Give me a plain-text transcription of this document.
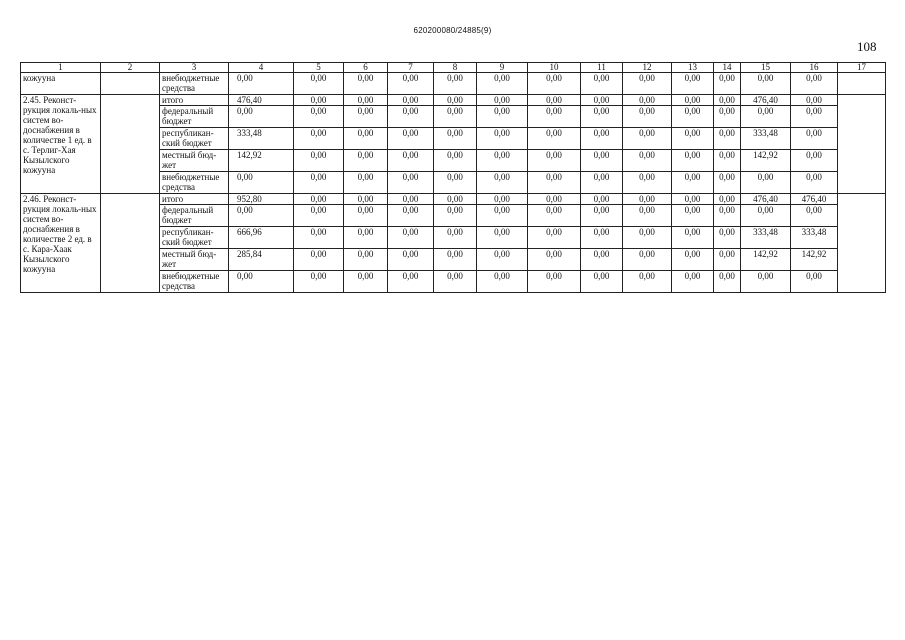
620200080/24885(9)
108
1	2	3	4	5	6	7	8	9	10	11	12	13	14	15	16	17
кожууна		внебюджетные средства	0,00	0,00	0,00	0,00	0,00	0,00	0,00	0,00	0,00	0,00	0,00	0,00	0,00	
2.45. Реконст-рукция локаль-ных систем во-доснабжения в количестве 1 ед. в с. Терлиг-Хая Кызылского кожууна		итого	476,40	0,00	0,00	0,00	0,00	0,00	0,00	0,00	0,00	0,00	0,00	476,40	0,00	
		федеральный бюджет	0,00	0,00	0,00	0,00	0,00	0,00	0,00	0,00	0,00	0,00	0,00	0,00	0,00	
		республикан-ский бюджет	333,48	0,00	0,00	0,00	0,00	0,00	0,00	0,00	0,00	0,00	0,00	333,48	0,00	
		местный бюд-жет	142,92	0,00	0,00	0,00	0,00	0,00	0,00	0,00	0,00	0,00	0,00	142,92	0,00	
		внебюджетные средства	0,00	0,00	0,00	0,00	0,00	0,00	0,00	0,00	0,00	0,00	0,00	0,00	0,00	
2.46. Реконст-рукция локаль-ных систем во-доснабжения в количестве 2 ед. в с. Кара-Хаак Кызылского кожууна		итого	952,80	0,00	0,00	0,00	0,00	0,00	0,00	0,00	0,00	0,00	0,00	476,40	476,40	
		федеральный бюджет	0,00	0,00	0,00	0,00	0,00	0,00	0,00	0,00	0,00	0,00	0,00	0,00	0,00	
		республикан-ский бюджет	666,96	0,00	0,00	0,00	0,00	0,00	0,00	0,00	0,00	0,00	0,00	333,48	333,48	
		местный бюд-жет	285,84	0,00	0,00	0,00	0,00	0,00	0,00	0,00	0,00	0,00	0,00	142,92	142,92	
		внебюджетные средства	0,00	0,00	0,00	0,00	0,00	0,00	0,00	0,00	0,00	0,00	0,00	0,00	0,00	
